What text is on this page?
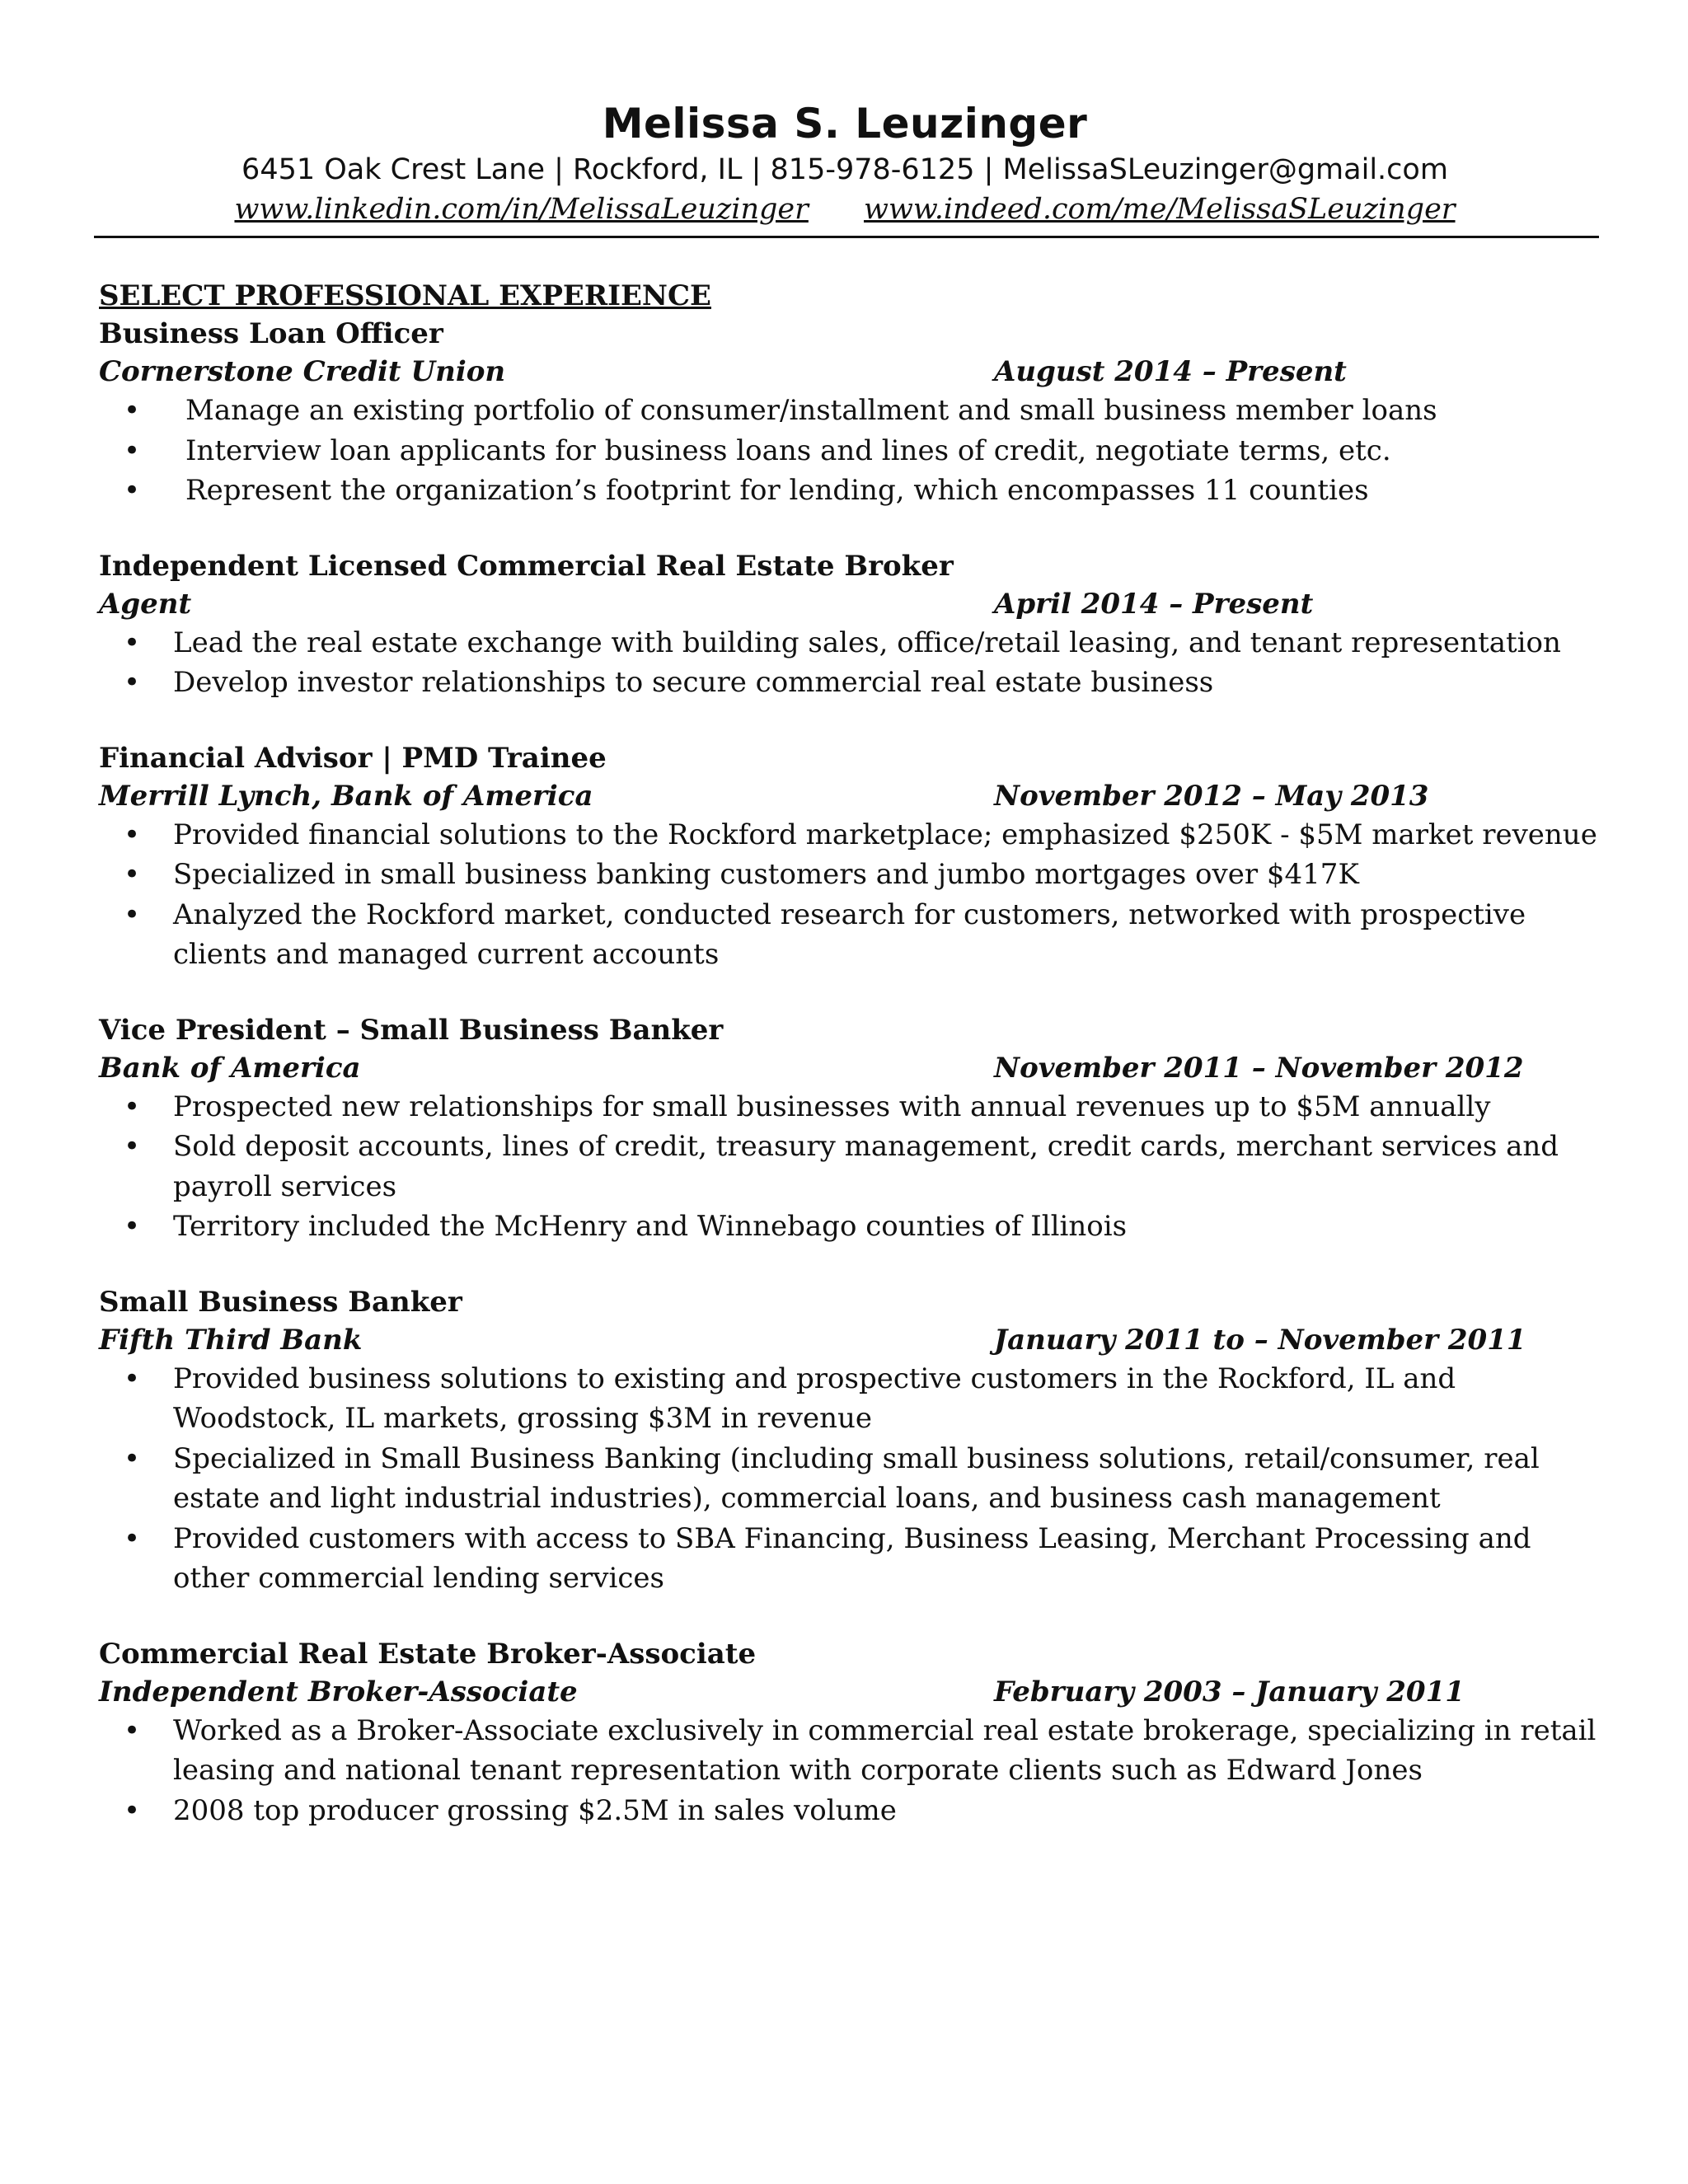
Melissa S. Leuzinger

6451 Oak Crest Lane | Rockford, IL | 815-978-6125 | MelissaSLeuzinger@gmail.com

www.linkedin.com/in/MelissaLeuzinger www.indeed.com/me/MelissaSLeuzinger

SELECT PROFESSIONAL EXPERIENCE

Business Loan Officer

Cornerstone Credit Union	August 2014 – Present
• Manage an existing portfolio of consumer/installment and small business member loans
• Interview loan applicants for business loans and lines of credit, negotiate terms, etc.
• Represent the organization’s footprint for lending, which encompasses 11 counties

Independent Licensed Commercial Real Estate Broker

Agent	April 2014 – Present
• Lead the real estate exchange with building sales, office/retail leasing, and tenant representation
• Develop investor relationships to secure commercial real estate business

Financial Advisor | PMD Trainee

Merrill Lynch, Bank of America	November 2012 – May 2013
• Provided financial solutions to the Rockford marketplace; emphasized $250K - $5M market revenue
• Specialized in small business banking customers and jumbo mortgages over $417K
• Analyzed the Rockford market, conducted research for customers, networked with prospective clients and managed current accounts

Vice President – Small Business Banker

Bank of America	November 2011 – November 2012
• Prospected new relationships for small businesses with annual revenues up to $5M annually
• Sold deposit accounts, lines of credit, treasury management, credit cards, merchant services and payroll services
• Territory included the McHenry and Winnebago counties of Illinois

Small Business Banker

Fifth Third Bank	January 2011 to – November 2011
• Provided business solutions to existing and prospective customers in the Rockford, IL and Woodstock, IL markets, grossing $3M in revenue
• Specialized in Small Business Banking (including small business solutions, retail/consumer, real estate and light industrial industries), commercial loans, and business cash management
• Provided customers with access to SBA Financing, Business Leasing, Merchant Processing and other commercial lending services

Commercial Real Estate Broker-Associate

Independent Broker-Associate	February 2003 – January 2011
• Worked as a Broker-Associate exclusively in commercial real estate brokerage, specializing in retail leasing and national tenant representation with corporate clients such as Edward Jones
• 2008 top producer grossing $2.5M in sales volume
